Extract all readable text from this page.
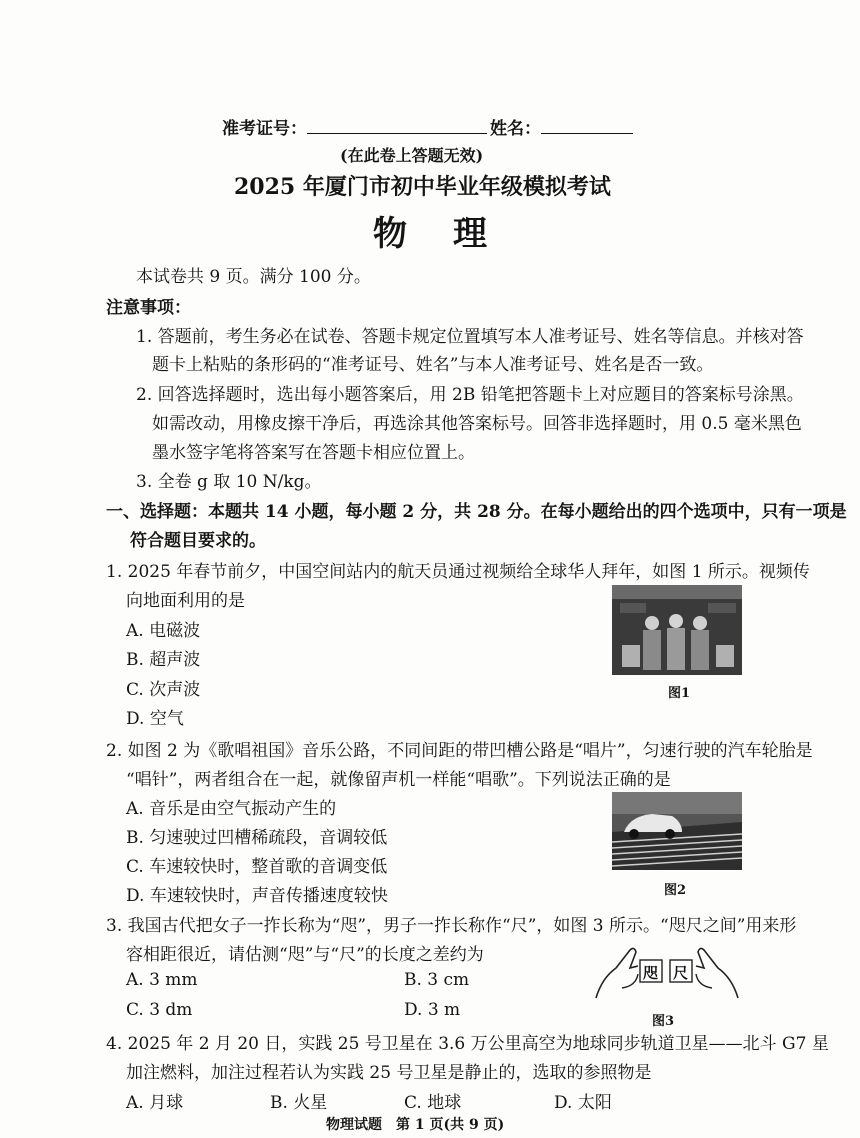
准考证号：	姓名：
(在此卷上答题无效)
2025 年厦门市初中毕业年级模拟考试
物　理
本试卷共 9 页。满分 100 分。
注意事项：
1. 答题前，考生务必在试卷、答题卡规定位置填写本人准考证号、姓名等信息。并核对答
题卡上粘贴的条形码的“准考证号、姓名”与本人准考证号、姓名是否一致。
2. 回答选择题时，选出每小题答案后，用 2B 铅笔把答题卡上对应题目的答案标号涂黑。
如需改动，用橡皮擦干净后，再选涂其他答案标号。回答非选择题时，用 0.5 毫米黑色
墨水签字笔将答案写在答题卡相应位置上。
3. 全卷 g 取 10 N/kg。
一、选择题：本题共 14 小题，每小题 2 分，共 28 分。在每小题给出的四个选项中，只有一项是
符合题目要求的。
1. 2025 年春节前夕，中国空间站内的航天员通过视频给全球华人拜年，如图 1 所示。视频传
向地面利用的是
A. 电磁波
B. 超声波
C. 次声波
D. 空气
图1
2. 如图 2 为《歌唱祖国》音乐公路，不同间距的带凹槽公路是“唱片”，匀速行驶的汽车轮胎是
“唱针”，两者组合在一起，就像留声机一样能“唱歌”。下列说法正确的是
A. 音乐是由空气振动产生的
B. 匀速驶过凹槽稀疏段，音调较低
C. 车速较快时，整首歌的音调变低
D. 车速较快时，声音传播速度较快	图2
3. 我国古代把女子一拃长称为“咫”，男子一拃长称作“尺”，如图 3 所示。“咫尺之间”用来形
容相距很近，请估测“咫”与“尺”的长度之差约为
A. 3 mm	B. 3 cm
C. 3 dm	D. 3 m
咫 尺
图3
4. 2025 年 2 月 20 日，实践 25 号卫星在 3.6 万公里高空为地球同步轨道卫星——北斗 G7 星
加注燃料，加注过程若认为实践 25 号卫星是静止的，选取的参照物是
A. 月球	B. 火星	C. 地球	D. 太阳
物理试题　第 1 页(共 9 页)
